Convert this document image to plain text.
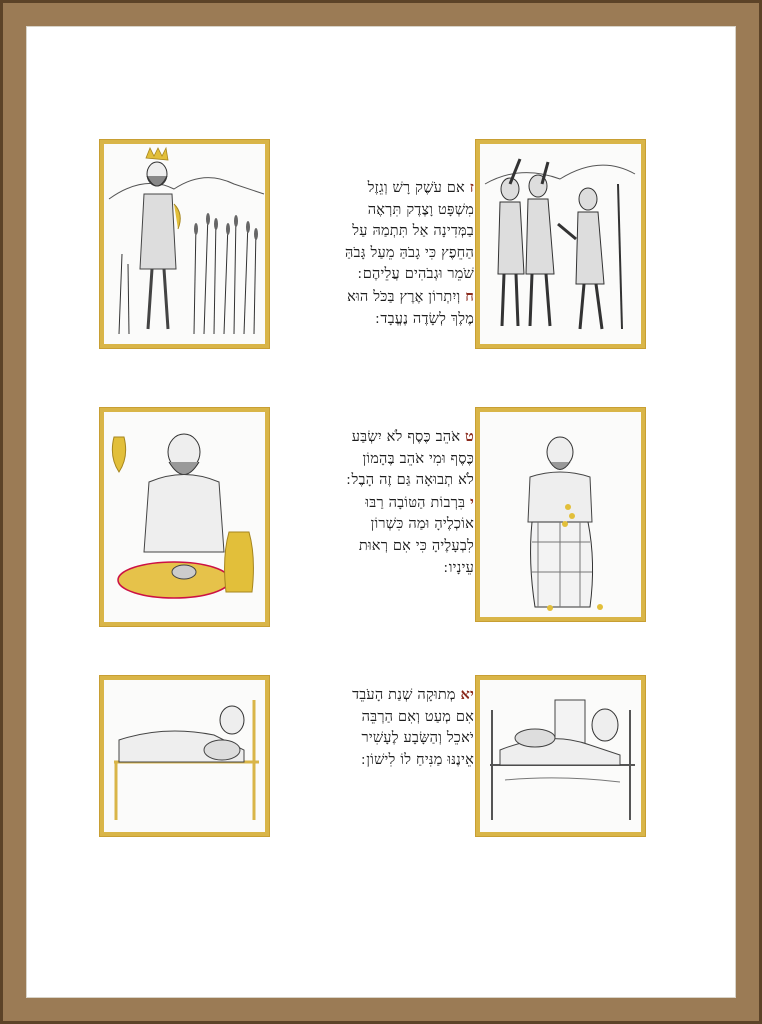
ז אם עֹשֶׁק רָשׁ וְגֵזֶל
מִשְׁפָּט וָצֶדֶק תִּרְאֶה
בַמְּדִינָה אַל תִּתְמַהּ עַל
הַחֵפֶץ כִּי גָבֹהַּ מֵעַל גָּבֹהַּ
שֹׁמֵר וּגְבֹהִים עֲלֵיהֶם ׃
ח וְיִתְרוֹן אֶרֶץ בַּכֹּל הוּא
מֶלֶךְ לְשָׂדֶה נֶעֱבָד ׃
ט אֹהֵב כֶּסֶף לֹא יִשְׂבַּע
כֶּסֶף וּמִי אֹהֵב בֶּהָמוֹן
לֹא תְבוּאָה גַּם זֶה הָבֶל ׃
י בִּרְבוֹת הַטּוֹבָה רַבּוּ
אוֹכְלֶיהָ וּמַה כִּשְׁרוֹן
לִבְעָלֶיהָ כִּי אִם רְאוּת
עֵינָיו ׃
יא מְתוּקָה שְׁנַת הָעֹבֵד
אִם מְעַט וְאִם הַרְבֵּה
יֹאכֵל וְהַשָּׂבָע לֶעָשִׁיר
אֵינֶנּוּ מַנִּיחַ לוֹ לִישׁוֹן ׃
